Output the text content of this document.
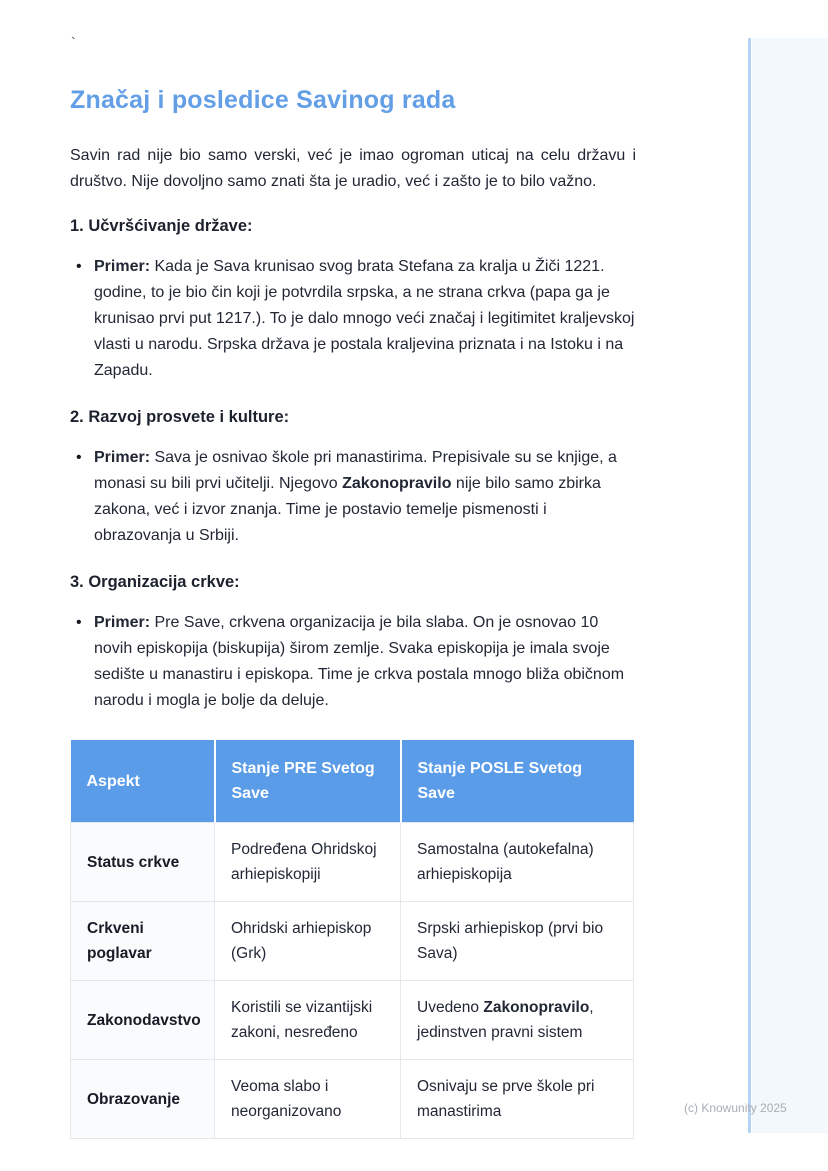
`
Značaj i posledice Savinog rada

Savin rad nije bio samo verski, već je imao ogroman uticaj na celu državu i društvo. Nije dovoljno samo znati šta je uradio, već i zašto je to bilo važno.

1. Učvršćivanje države:
• Primer: Kada je Sava krunisao svog brata Stefana za kralja u Žiči 1221. godine, to je bio čin koji je potvrdila srpska, a ne strana crkva (papa ga je krunisao prvi put 1217.). To je dalo mnogo veći značaj i legitimitet kraljevskoj vlasti u narodu. Srpska država je postala kraljevina priznata i na Istoku i na Zapadu.
2. Razvoj prosvete i kulture:
• Primer: Sava je osnivao škole pri manastirima. Prepisivale su se knjige, a monasi su bili prvi učitelji. Njegovo Zakonopravilo nije bilo samo zbirka zakona, već i izvor znanja. Time je postavio temelje pismenosti i obrazovanja u Srbiji.
3. Organizacija crkve:
• Primer: Pre Save, crkvena organizacija je bila slaba. On je osnovao 10 novih episkopija (biskupija) širom zemlje. Svaka episkopija je imala svoje sedište u manastiru i episkopa. Time je crkva postala mnogo bliža običnom narodu i mogla je bolje da deluje.
Aspekt	Stanje PRE Svetog Save	Stanje POSLE Svetog Save
Status crkve	Podređena Ohridskoj arhiepiskopiji	Samostalna (autokefalna) arhiepiskopija
Crkveni poglavar	Ohridski arhiepiskop (Grk)	Srpski arhiepiskop (prvi bio Sava)
Zakonodavstvo	Koristili se vizantijski zakoni, nesređeno	Uvedeno Zakonopravilo, jedinstven pravni sistem
Obrazovanje	Veoma slabo i neorganizovano	Osnivaju se prve škole pri manastirima	(c) Knowunity 2025
